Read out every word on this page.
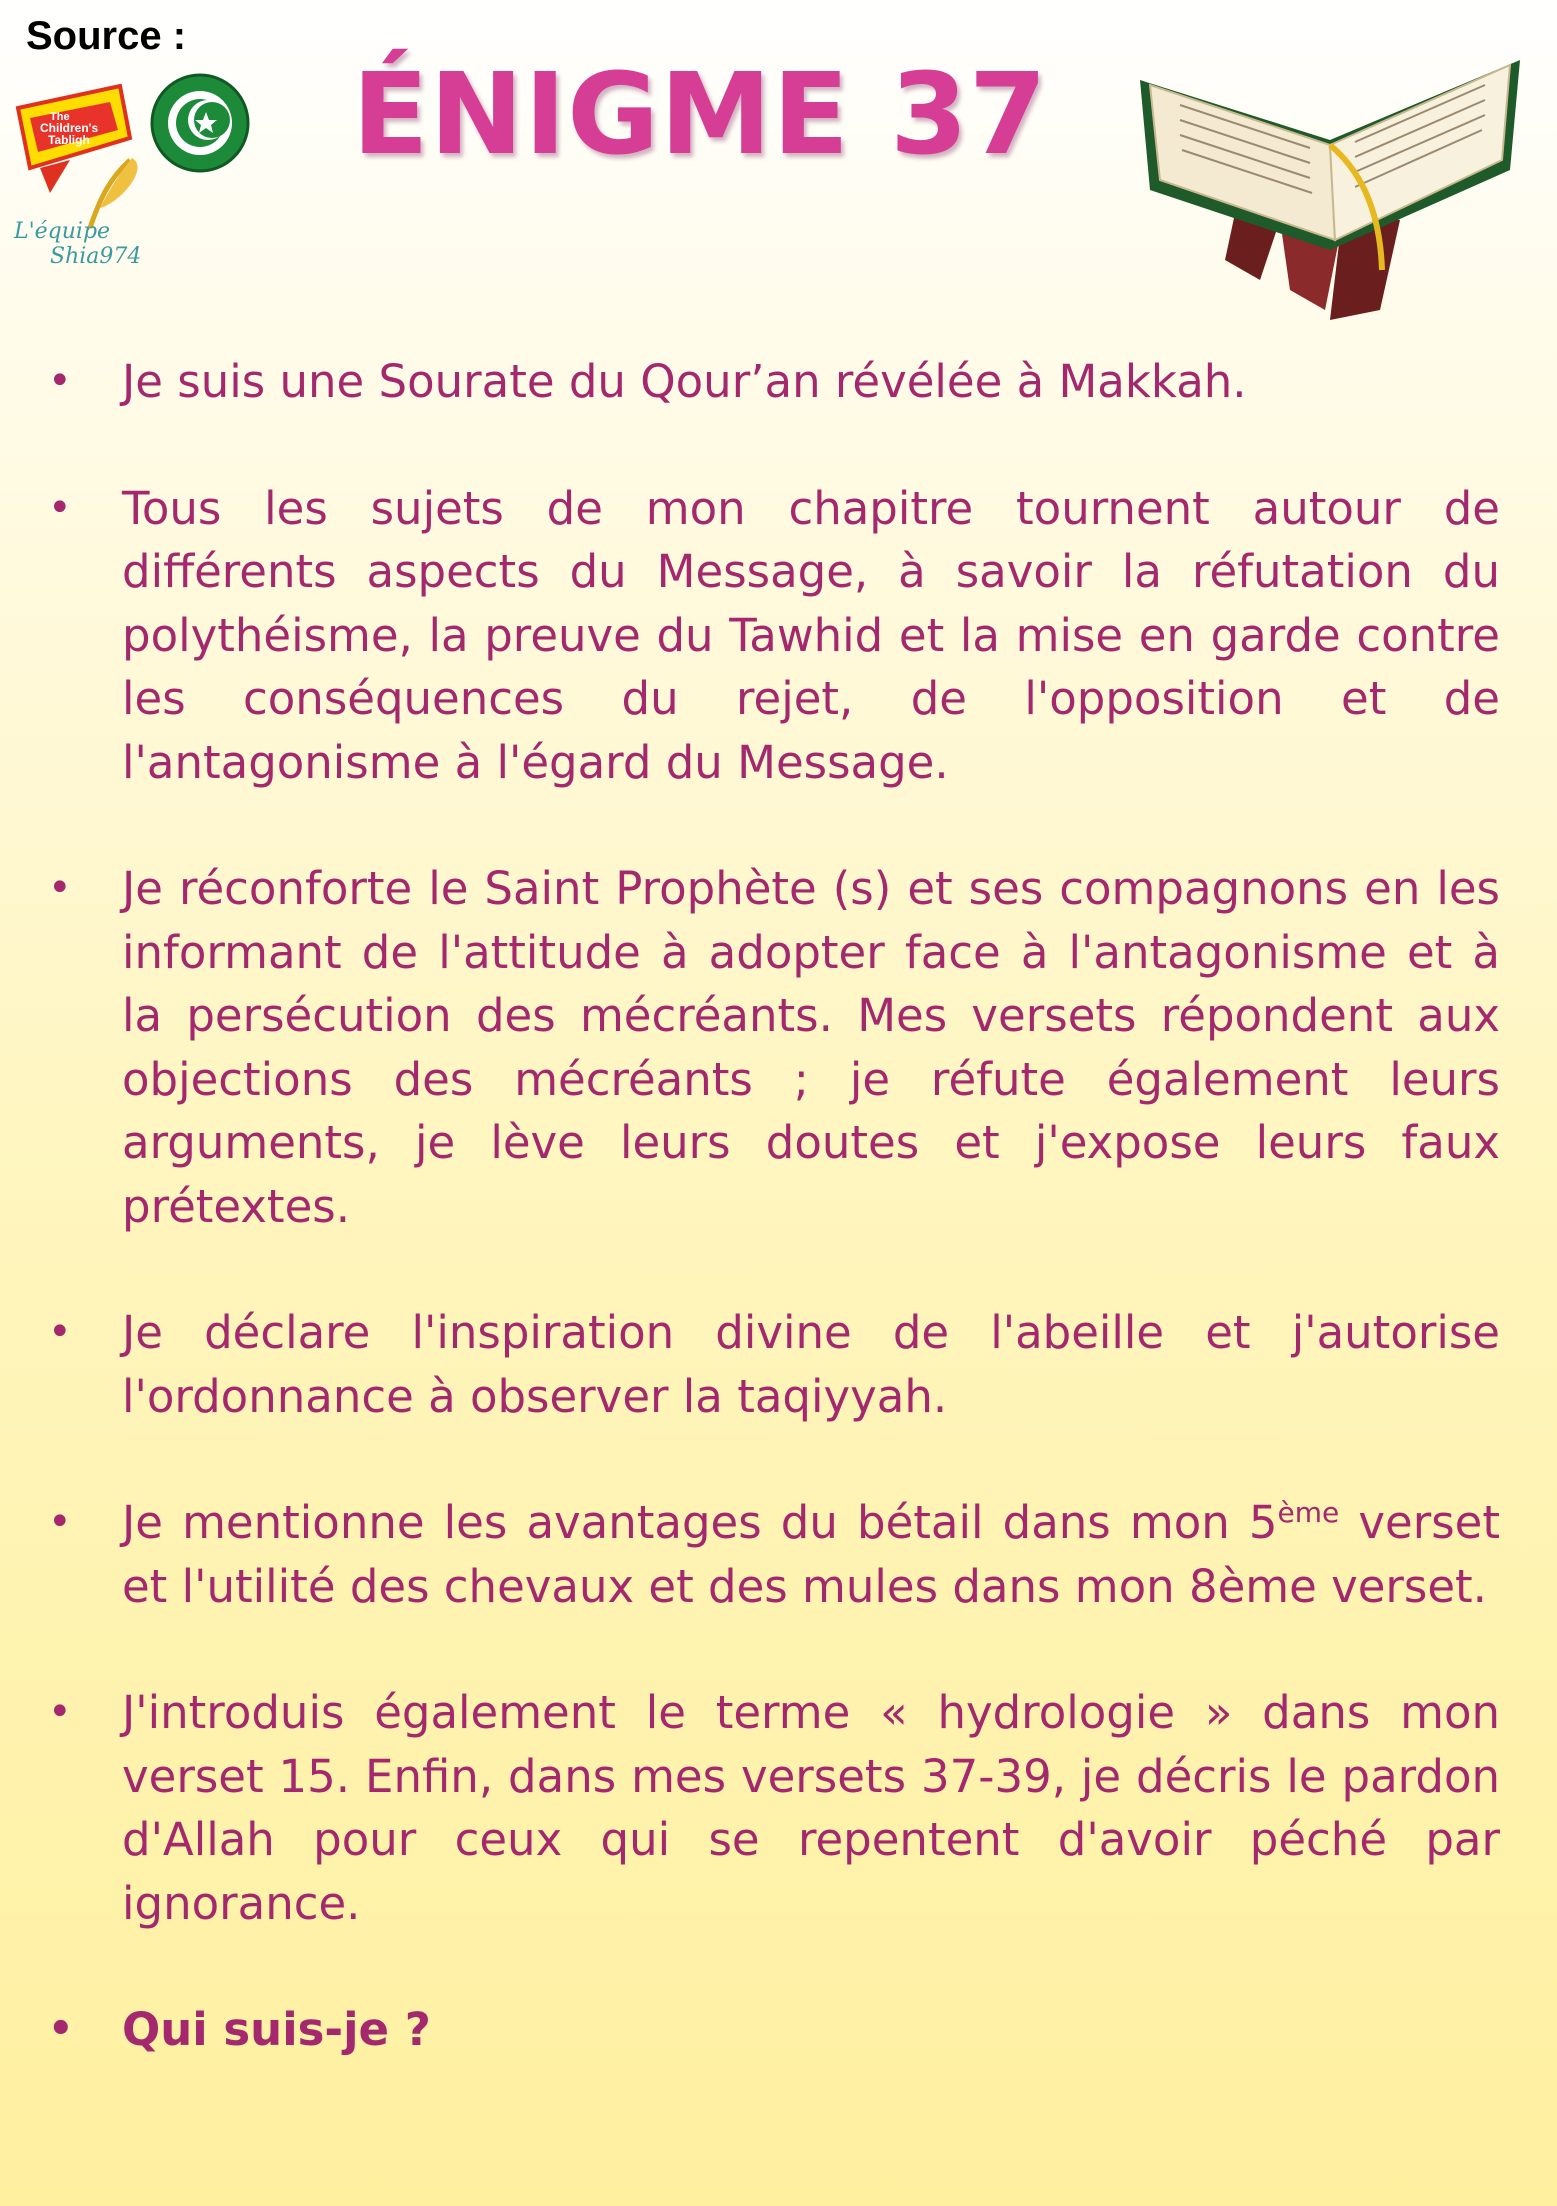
Source :
The
Children's
Tabligh
L'équipe
Shia974
ÉNIGME 37
• Je suis une Sourate du Qour’an révélée à Makkah.
• Tous les sujets de mon chapitre tournent autour de différents aspects du Message, à savoir la réfutation du polythéisme, la preuve du Tawhid et la mise en garde contre les conséquences du rejet, de l'opposition et de l'antagonisme à l'égard du Message.
• Je réconforte le Saint Prophète (s) et ses compagnons en les informant de l'attitude à adopter face à l'antagonisme et à la persécution des mécréants. Mes versets répondent aux objections des mécréants ; je réfute également leurs arguments, je lève leurs doutes et j'expose leurs faux prétextes.
• Je déclare l'inspiration divine de l'abeille et j'autorise l'ordonnance à observer la taqiyyah.
• Je mentionne les avantages du bétail dans mon 5ème verset et l'utilité des chevaux et des mules dans mon 8ème verset.
• J'introduis également le terme « hydrologie » dans mon verset 15. Enfin, dans mes versets 37-39, je décris le pardon d'Allah pour ceux qui se repentent d'avoir péché par ignorance.
• Qui suis-je ?
